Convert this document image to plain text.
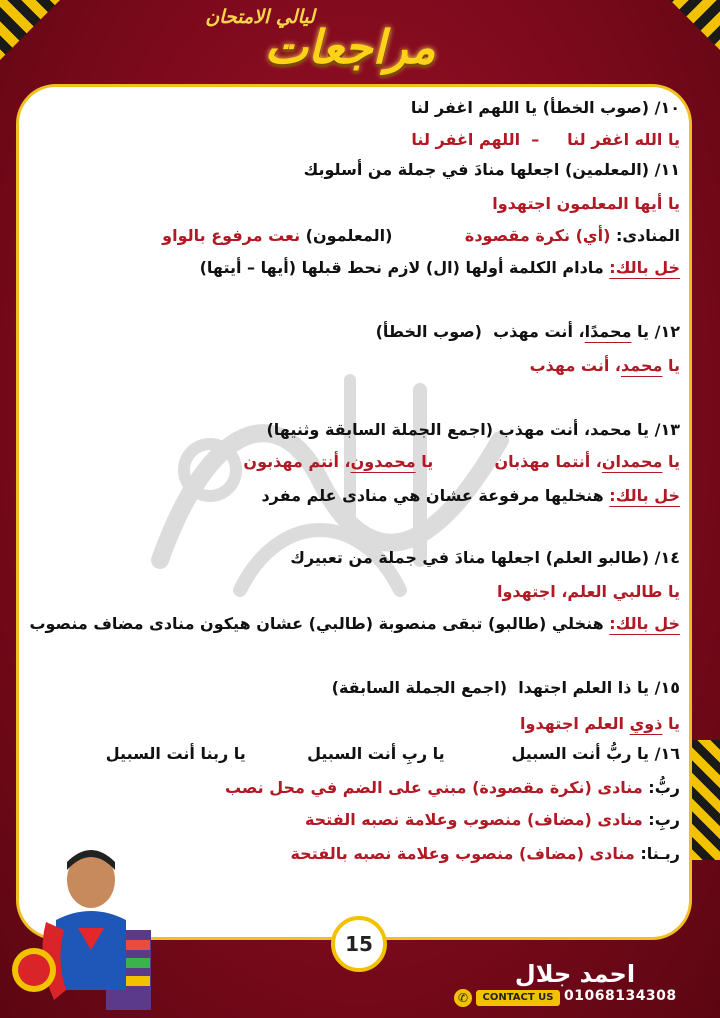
ليالي الامتحان
مراجعات
١٠/ (صوب الخطأ) يا اللهم اغفر لنا
يا الله اغفر لنا     –  اللهم اغفر لنا
١١/ (المعلمين) اجعلها منادَ في جملة من أسلوبك
يا أيها المعلمون اجتهدوا
المنادى: (أي) نكرة مقصودة             (المعلمون) نعت مرفوع بالواو
خل بالك: مادام الكلمة أولها (ال) لازم نحط قبلها (أيها – أيتها)
١٢/ يا محمدًا، أنت مهذب  (صوب الخطأ)
يا محمد، أنت مهذب
١٣/ يا محمد، أنت مهذب (اجمع الجملة السابقة وثنيها)
يا محمدان، أنتما مهذبان           يا محمدون، أنتم مهذبون
خل بالك: هنخليها مرفوعة عشان هي منادى علم مفرد
١٤/ (طالبو العلم) اجعلها منادَ في جملة من تعبيرك
يا طالبي العلم، اجتهدوا
خل بالك: هنخلي (طالبو) تبقى منصوبة (طالبي) عشان هيكون منادى مضاف منصوب
١٥/ يا ذا العلم اجتهدا  (اجمع الجملة السابقة)
يا ذوي العلم اجتهدوا
١٦/ يا ربُّ أنت السبيل            يا ربِ أنت السبيل           يا ربنا أنت السبيل
ربُّ: منادى (نكرة مقصودة) مبني على الضم في محل نصب
ربِ: منادى (مضاف) منصوب وعلامة نصبه الفتحة
ربـنا: منادى (مضاف) منصوب وعلامة نصبه بالفتحة
15
احمد جلال
✆	CONTACT US 01068134308
